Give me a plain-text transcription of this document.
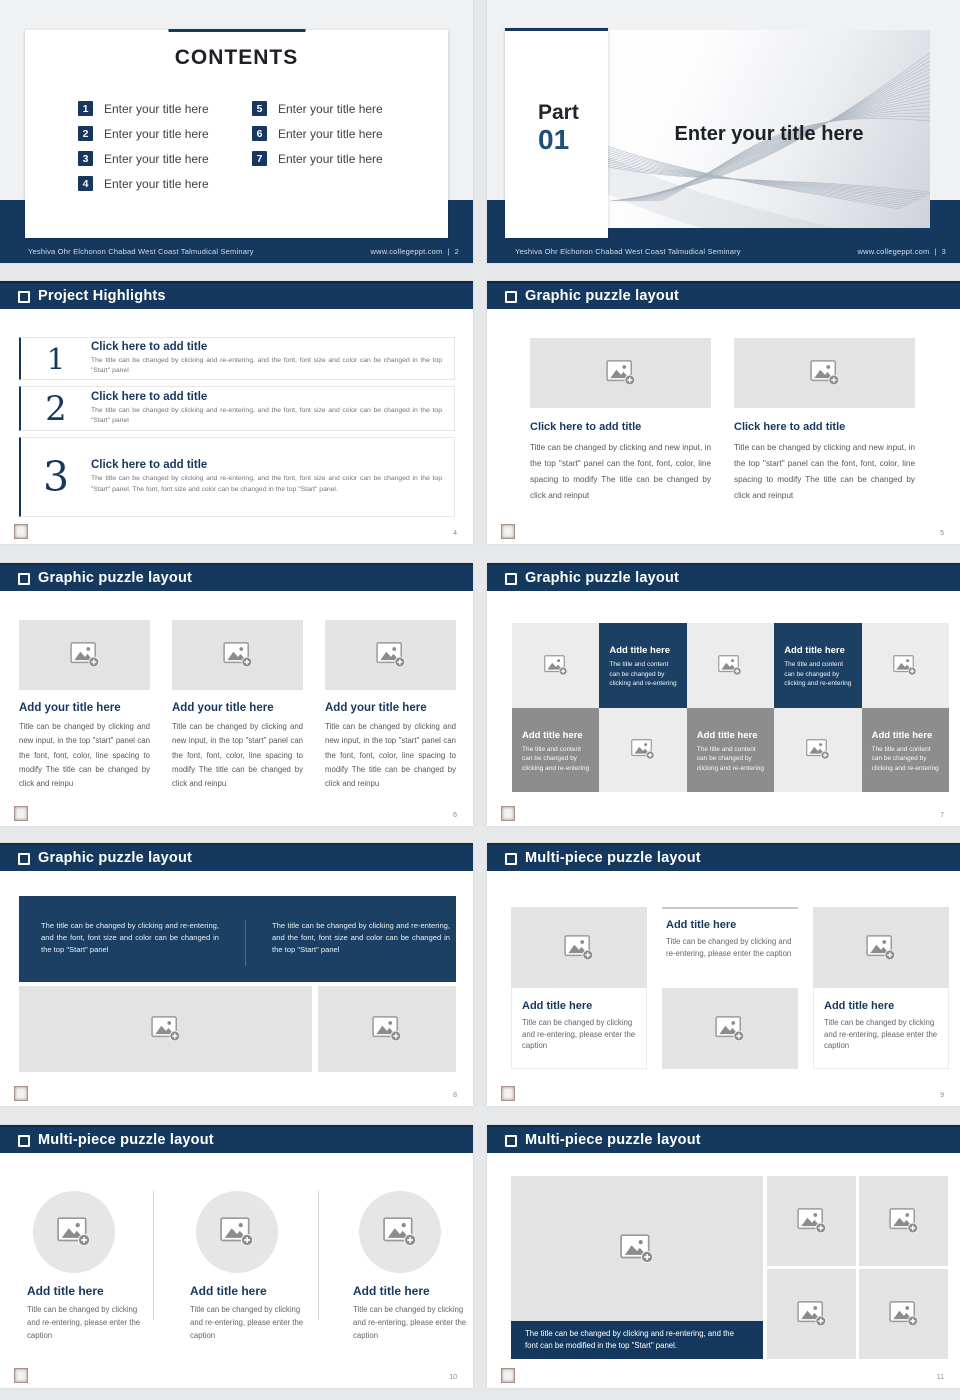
CONTENTS
1	Enter your title here
2	Enter your title here
3	Enter your title here
4	Enter your title here
5	Enter your title here
6	Enter your title here
7	Enter your title here
Yeshiva Ohr Elchonon Chabad West Coast Talmudical Seminary	www.collegeppt.com | 2
Enter your title here
Part
01
Yeshiva Ohr Elchonon Chabad West Coast Talmudical Seminary	www.collegeppt.com | 3
Project Highlights
1	Click here to add title
The title can be changed by clicking and re-entering, and the font, font size and color can be changed in the top "Start" panel
2	Click here to add title
The title can be changed by clicking and re-entering, and the font, font size and color can be changed in the top "Start" panel
3	Click here to add title
The title can be changed by clicking and re-entering, and the font, font size and color can be changed in the top "Start" panel. The font, font size and color can be changed in the top "Start" panel.
4
Graphic puzzle layout
Click here to add title
Title can be changed by clicking and new input, in the top "start" panel can the font, font, color, line spacing to modify The title can be changed by click and reinput
Click here to add title
Title can be changed by clicking and new input, in the top "start" panel can the font, font, color, line spacing to modify The title can be changed by click and reinput
5
Graphic puzzle layout
Add your title here
Title can be changed by clicking and new input, in the top "start" panel can the font, font, color, line spacing to modify The title can be changed by click and reinpu
Add your title here
Title can be changed by clicking and new input, in the top "start" panel can the font, font, color, line spacing to modify The title can be changed by click and reinpu
Add your title here
Title can be changed by clicking and new input, in the top "start" panel can the font, font, color, line spacing to modify The title can be changed by click and reinpu
6
Graphic puzzle layout
Add title here
The title and content can be changed by clicking and re-entering
Add title here
The title and content can be changed by clicking and re-entering
Add title here
The title and content can be changed by clicking and re-entering
Add title here
The title and content can be changed by clicking and re-entering
Add title here
The title and content can be changed by clicking and re-entering
7
Graphic puzzle layout
The title can be changed by clicking and re-entering, and the font, font size and color can be changed in the top "Start" panel
The title can be changed by clicking and re-entering, and the font, font size and color can be changed in the top "Start" panel
8
Multi-piece puzzle layout
Add title here
Title can be changed by clicking and re-entering, please enter the caption
Add title here
Title can be changed by clicking and re-entering, please enter the caption
Add title here
Title can be changed by clicking and re-entering, please enter the caption
9
Multi-piece puzzle layout
Add title here
Title can be changed by clicking and re-entering, please enter the caption
Add title here
Title can be changed by clicking and re-entering, please enter the caption
Add title here
Title can be changed by clicking and re-entering, please enter the caption
10
Multi-piece puzzle layout
The title can be changed by clicking and re-entering, and the font can be modified in the top "Start" panel.
11
